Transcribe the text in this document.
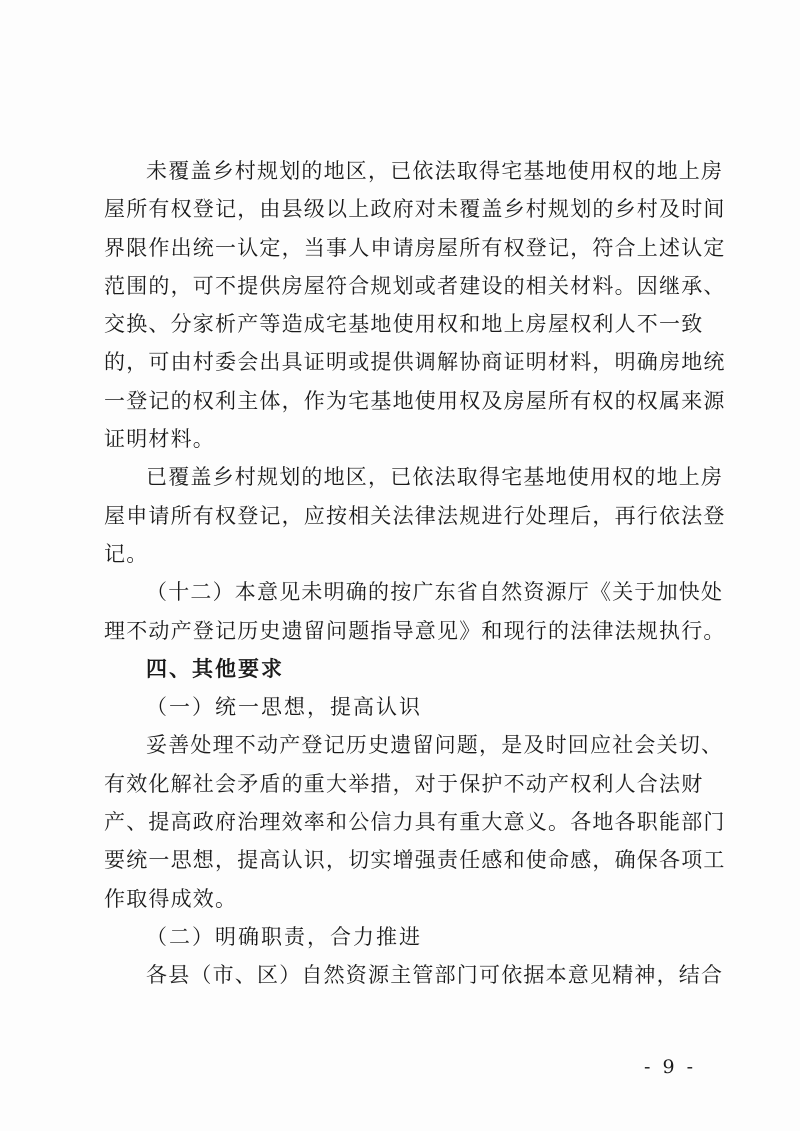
未覆盖乡村规划的地区，已依法取得宅基地使用权的地上房
屋所有权登记，由县级以上政府对未覆盖乡村规划的乡村及时间
界限作出统一认定，当事人申请房屋所有权登记，符合上述认定
范围的，可不提供房屋符合规划或者建设的相关材料。因继承、
交换、分家析产等造成宅基地使用权和地上房屋权利人不一致
的，可由村委会出具证明或提供调解协商证明材料，明确房地统
一登记的权利主体，作为宅基地使用权及房屋所有权的权属来源
证明材料。
已覆盖乡村规划的地区，已依法取得宅基地使用权的地上房
屋申请所有权登记，应按相关法律法规进行处理后，再行依法登
记。
（十二）本意见未明确的按广东省自然资源厅《关于加快处
理不动产登记历史遗留问题指导意见》和现行的法律法规执行。
四、其他要求
（一）统一思想，提高认识
妥善处理不动产登记历史遗留问题，是及时回应社会关切、
有效化解社会矛盾的重大举措，对于保护不动产权利人合法财
产、提高政府治理效率和公信力具有重大意义。各地各职能部门
要统一思想，提高认识，切实增强责任感和使命感，确保各项工
作取得成效。
（二）明确职责，合力推进
各县（市、区）自然资源主管部门可依据本意见精神，结合
- 9 -
